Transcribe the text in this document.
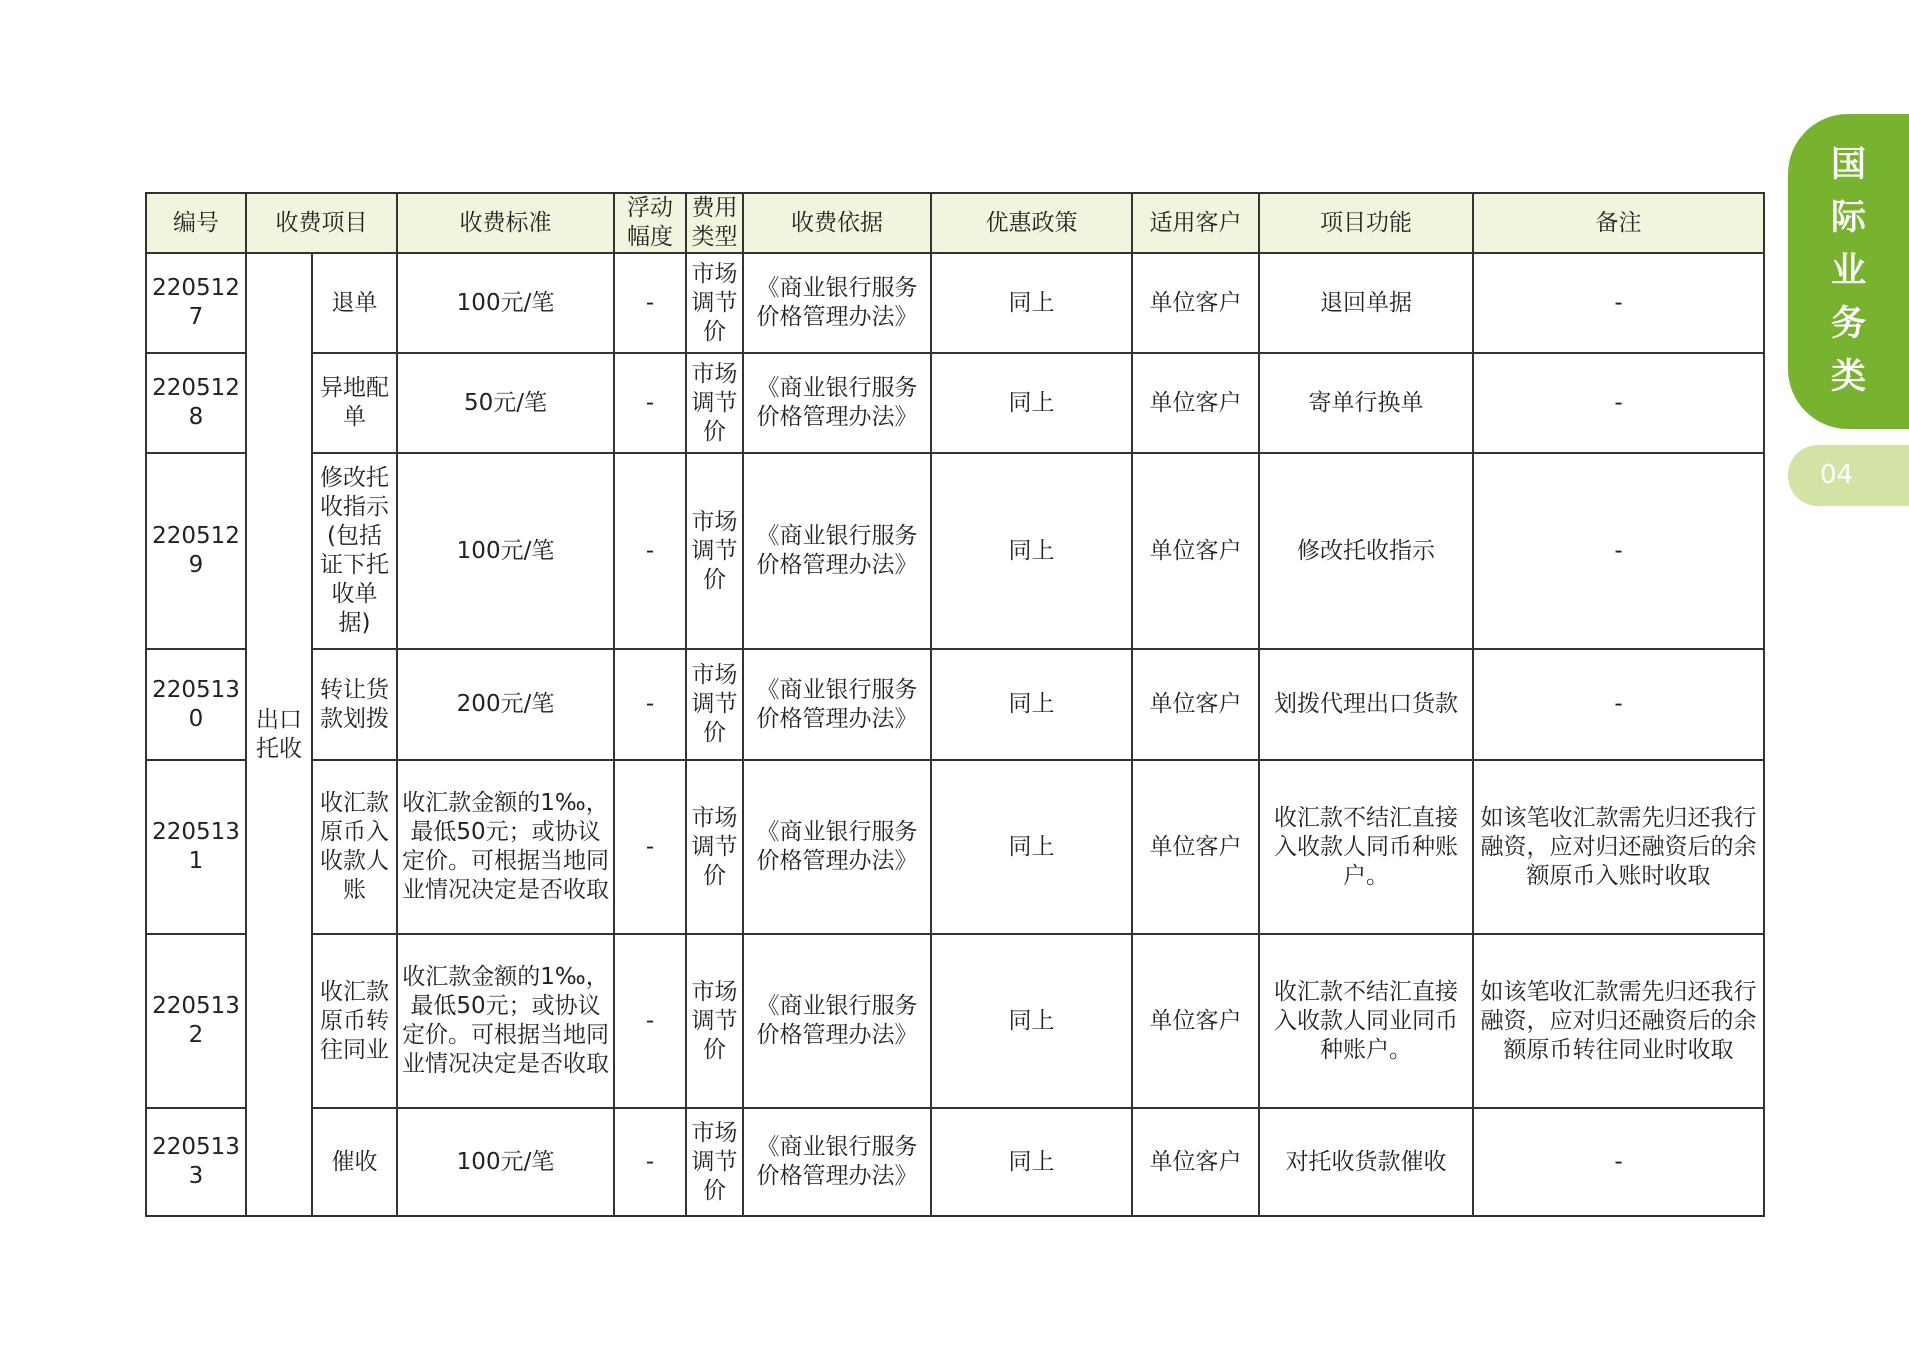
国
际
业
务
类
04
编号	收费项目		收费标准	浮动幅度	费用类型	收费依据	优惠政策	适用客户	项目功能	备注
2205127	出口托收	退单	100元/笔	-	市场调节价	《商业银行服务价格管理办法》	同上	单位客户	退回单据	-
2205128		异地配单	50元/笔	-	市场调节价	《商业银行服务价格管理办法》	同上	单位客户	寄单行换单	-
2205129		修改托收指示(包括证下托收单据)	100元/笔	-	市场调节价	《商业银行服务价格管理办法》	同上	单位客户	修改托收指示	-
2205130		转让货款划拨	200元/笔	-	市场调节价	《商业银行服务价格管理办法》	同上	单位客户	划拨代理出口货款	-
2205131		收汇款原币入收款人账	收汇款金额的1‰，最低50元；或协议定价。可根据当地同业情况决定是否收取	-	市场调节价	《商业银行服务价格管理办法》	同上	单位客户	收汇款不结汇直接入收款人同币种账户。	如该笔收汇款需先归还我行融资，应对归还融资后的余额原币入账时收取
2205132		收汇款原币转往同业	收汇款金额的1‰，最低50元；或协议定价。可根据当地同业情况决定是否收取	-	市场调节价	《商业银行服务价格管理办法》	同上	单位客户	收汇款不结汇直接入收款人同业同币种账户。	如该笔收汇款需先归还我行融资，应对归还融资后的余额原币转往同业时收取
2205133		催收	100元/笔	-	市场调节价	《商业银行服务价格管理办法》	同上	单位客户	对托收货款催收	-
